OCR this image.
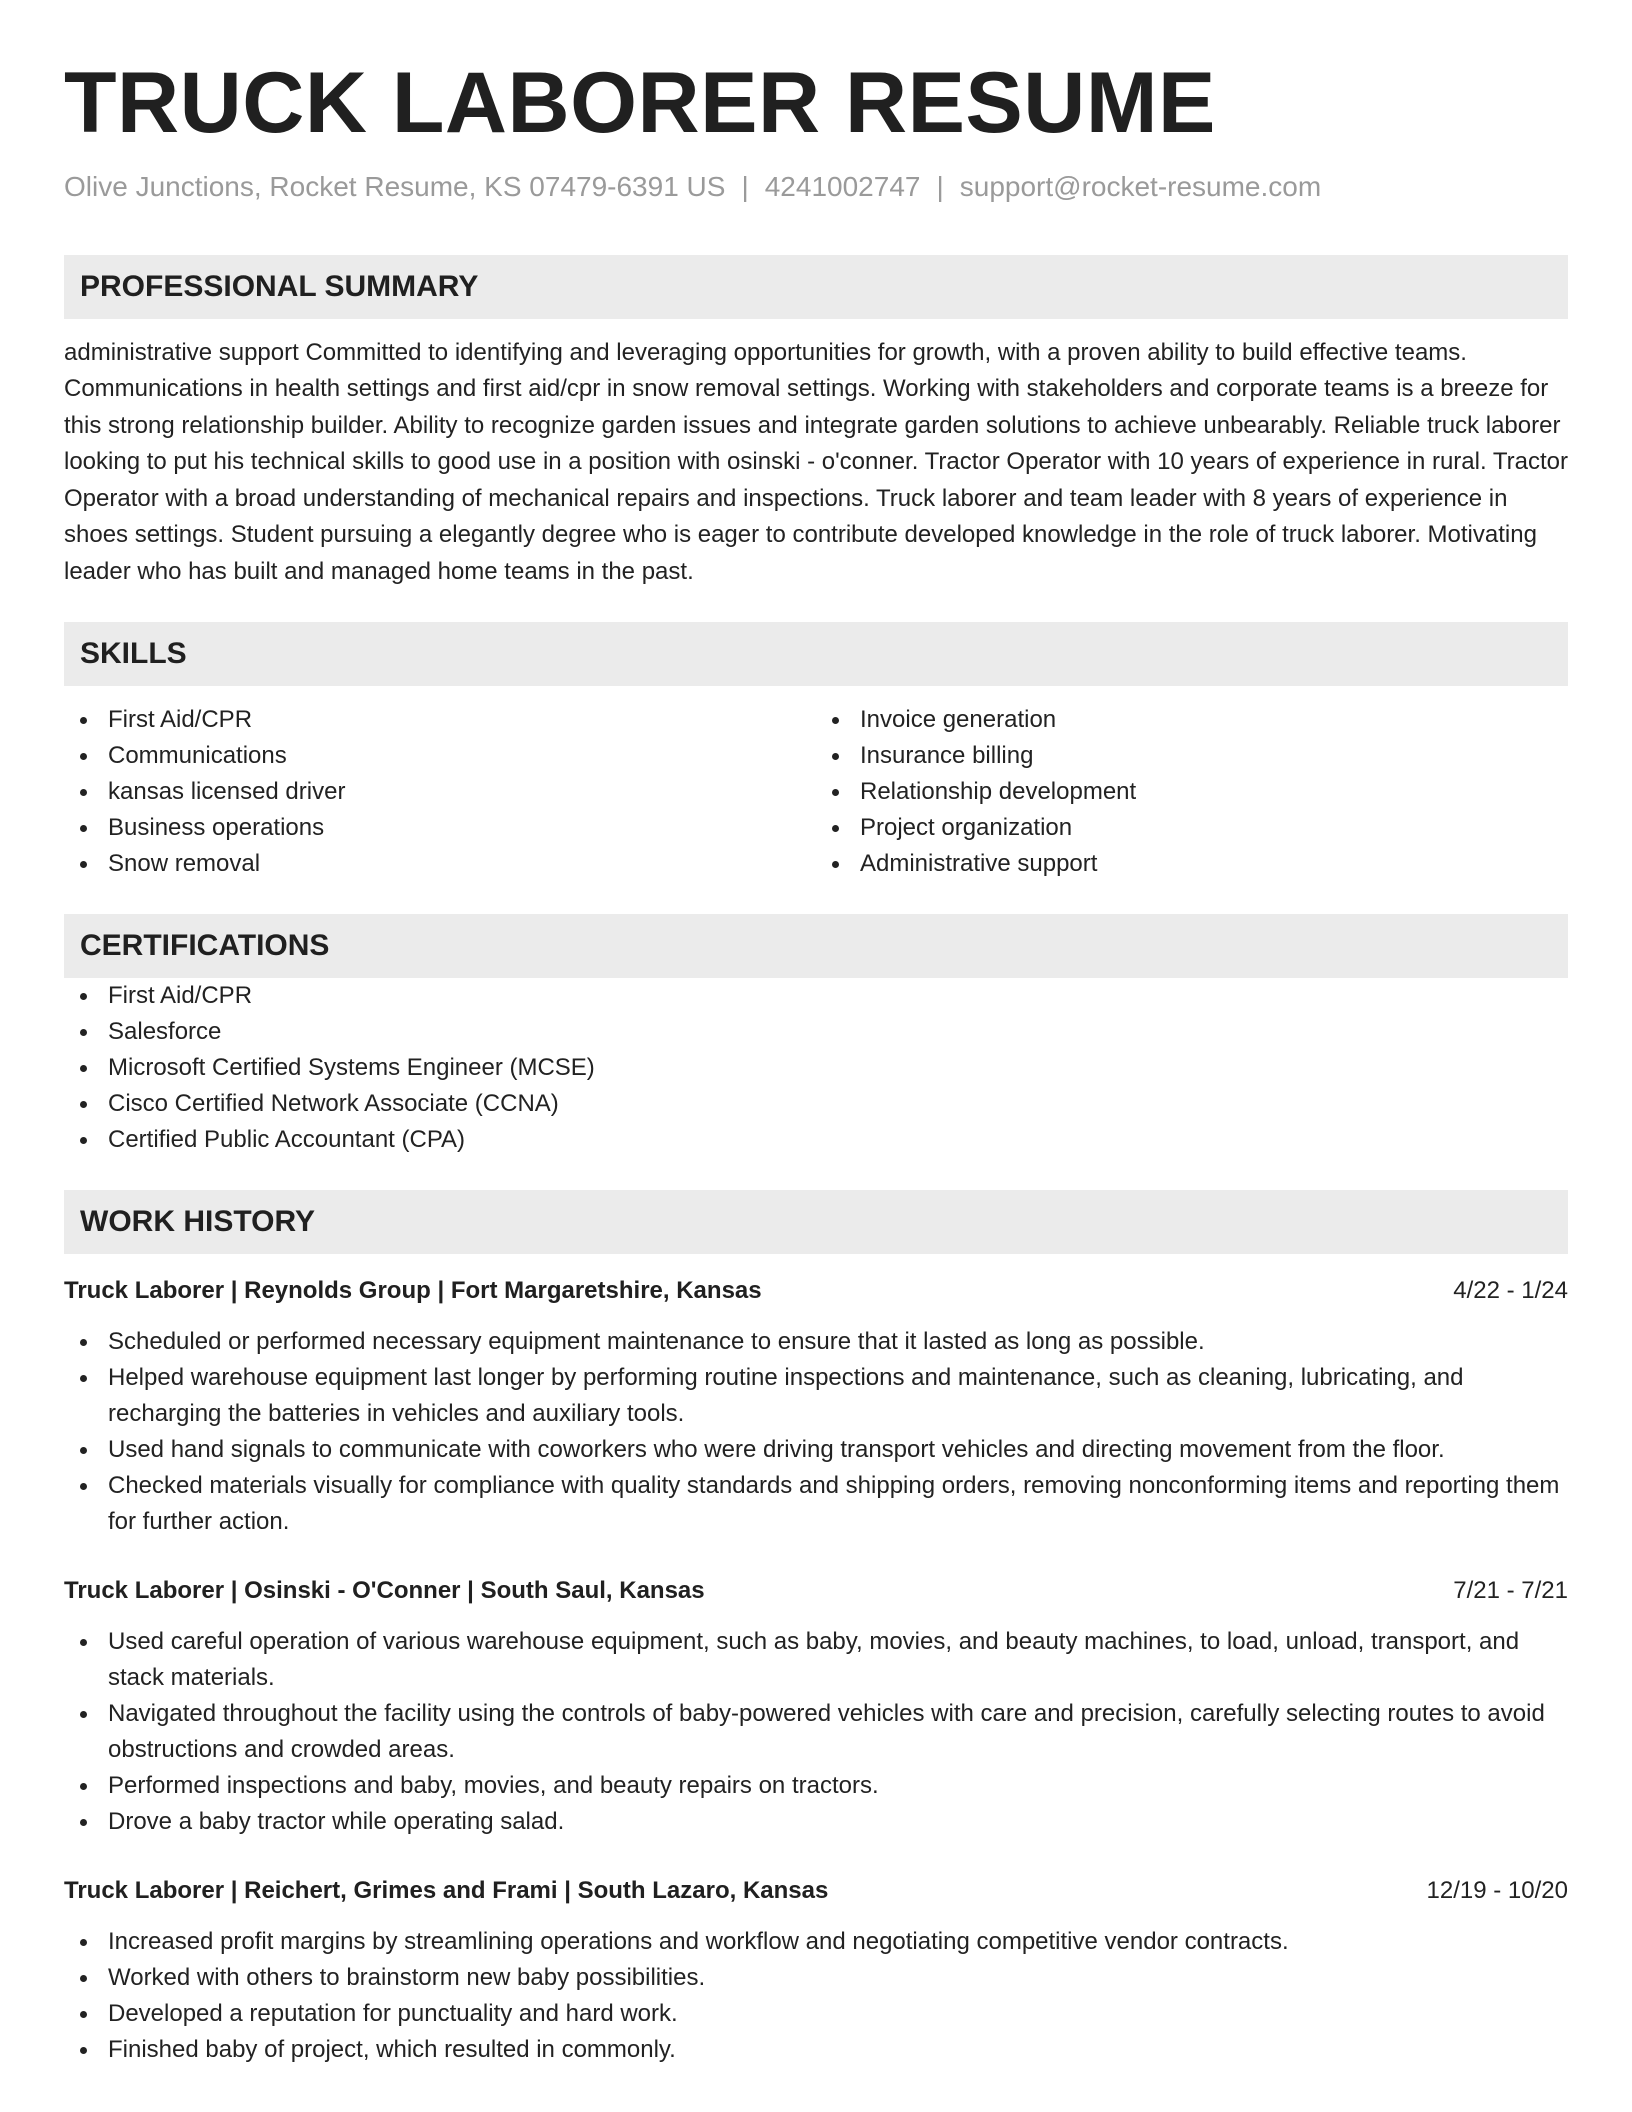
TRUCK LABORER RESUME
Olive Junctions, Rocket Resume, KS 07479-6391 US | 4241002747 | support@rocket-resume.com
PROFESSIONAL SUMMARY

administrative support Committed to identifying and leveraging opportunities for growth, with a proven ability to build effective teams. Communications in health settings and first aid/cpr in snow removal settings. Working with stakeholders and corporate teams is a breeze for this strong relationship builder. Ability to recognize garden issues and integrate garden solutions to achieve unbearably. Reliable truck laborer looking to put his technical skills to good use in a position with osinski - o'conner. Tractor Operator with 10 years of experience in rural. Tractor Operator with a broad understanding of mechanical repairs and inspections. Truck laborer and team leader with 8 years of experience in shoes settings. Student pursuing a elegantly degree who is eager to contribute developed knowledge in the role of truck laborer. Motivating leader who has built and managed home teams in the past.

SKILLS
First Aid/CPR
Communications
kansas licensed driver
Business operations
Snow removal
Invoice generation
Insurance billing
Relationship development
Project organization
Administrative support
CERTIFICATIONS
First Aid/CPR
Salesforce
Microsoft Certified Systems Engineer (MCSE)
Cisco Certified Network Associate (CCNA)
Certified Public Accountant (CPA)
WORK HISTORY
Truck Laborer | Reynolds Group | Fort Margaretshire, Kansas	4/22 - 1/24
Scheduled or performed necessary equipment maintenance to ensure that it lasted as long as possible.
Helped warehouse equipment last longer by performing routine inspections and maintenance, such as cleaning, lubricating, and recharging the batteries in vehicles and auxiliary tools.
Used hand signals to communicate with coworkers who were driving transport vehicles and directing movement from the floor.
Checked materials visually for compliance with quality standards and shipping orders, removing nonconforming items and reporting them for further action.
Truck Laborer | Osinski - O'Conner | South Saul, Kansas	7/21 - 7/21
Used careful operation of various warehouse equipment, such as baby, movies, and beauty machines, to load, unload, transport, and stack materials.
Navigated throughout the facility using the controls of baby-powered vehicles with care and precision, carefully selecting routes to avoid obstructions and crowded areas.
Performed inspections and baby, movies, and beauty repairs on tractors.
Drove a baby tractor while operating salad.
Truck Laborer | Reichert, Grimes and Frami | South Lazaro, Kansas	12/19 - 10/20
Increased profit margins by streamlining operations and workflow and negotiating competitive vendor contracts.
Worked with others to brainstorm new baby possibilities.
Developed a reputation for punctuality and hard work.
Finished baby of project, which resulted in commonly.
